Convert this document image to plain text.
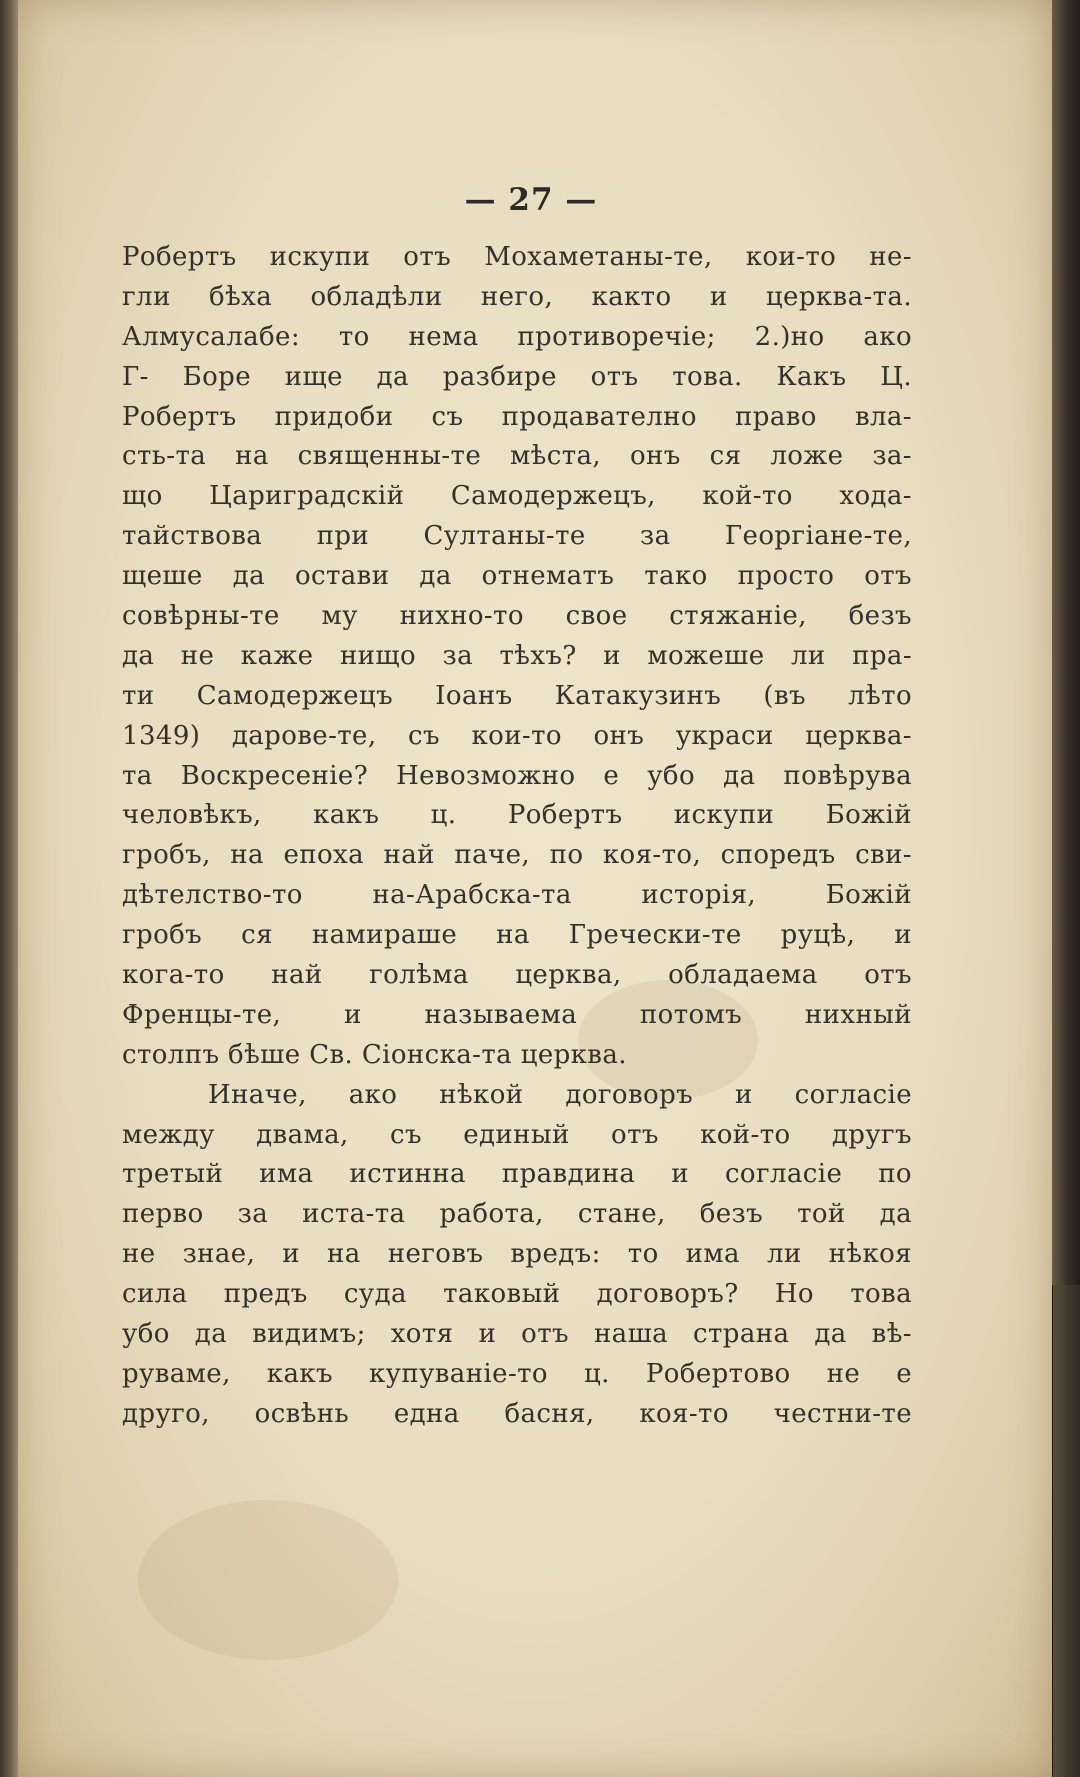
— 27 —
Робертъ искупи отъ Мохаметаны-те, кои-то не-
гли бѣха обладѣли него, както и церква-та.
Алмусалабе: то нема противоречіе; 2.)но ако
Г- Боре ище да разбире отъ това. Какъ Ц.
Робертъ придоби съ продавателно право вла-
сть-та на священны-те мѣста, онъ ся ложе за-
що Цариградскій Самодержецъ, кой-то хода-
тайствова при Султаны-те за Георгіане-те,
щеше да остави да отнематъ тако просто отъ
совѣрны-те му нихно-то свое стяжаніе, безъ
да не каже нищо за тѣхъ? и можеше ли пра-
ти Самодержецъ Іоанъ Катакузинъ (въ лѣто
1349) дарове-те, съ кои-то онъ украси церква-
та Воскресеніе? Невозможно е убо да повѣрува
человѣкъ, какъ ц. Робертъ искупи Божій
гробъ, на епоха най паче, по коя-то, споредъ сви-
дѣтелство-то на-Арабска-та исторія, Божій
гробъ ся намираше на Гречески-те руцѣ, и
кога-то най голѣма церква, обладаема отъ
Френцы-те, и называема потомъ нихный
столпъ бѣше Св. Сіонска-та церква.
Иначе, ако нѣкой договоръ и согласіе
между двама, съ единый отъ кой-то другъ
третый има истинна правдина и согласіе по
перво за иста-та работа, стане, безъ той да
не знае, и на неговъ вредъ: то има ли нѣкоя
сила предъ суда таковый договоръ? Но това
убо да видимъ; хотя и отъ наша страна да вѣ-
руваме, какъ купуваніе-то ц. Робертово не е
друго, освѣнь една басня, коя-то честни-те
